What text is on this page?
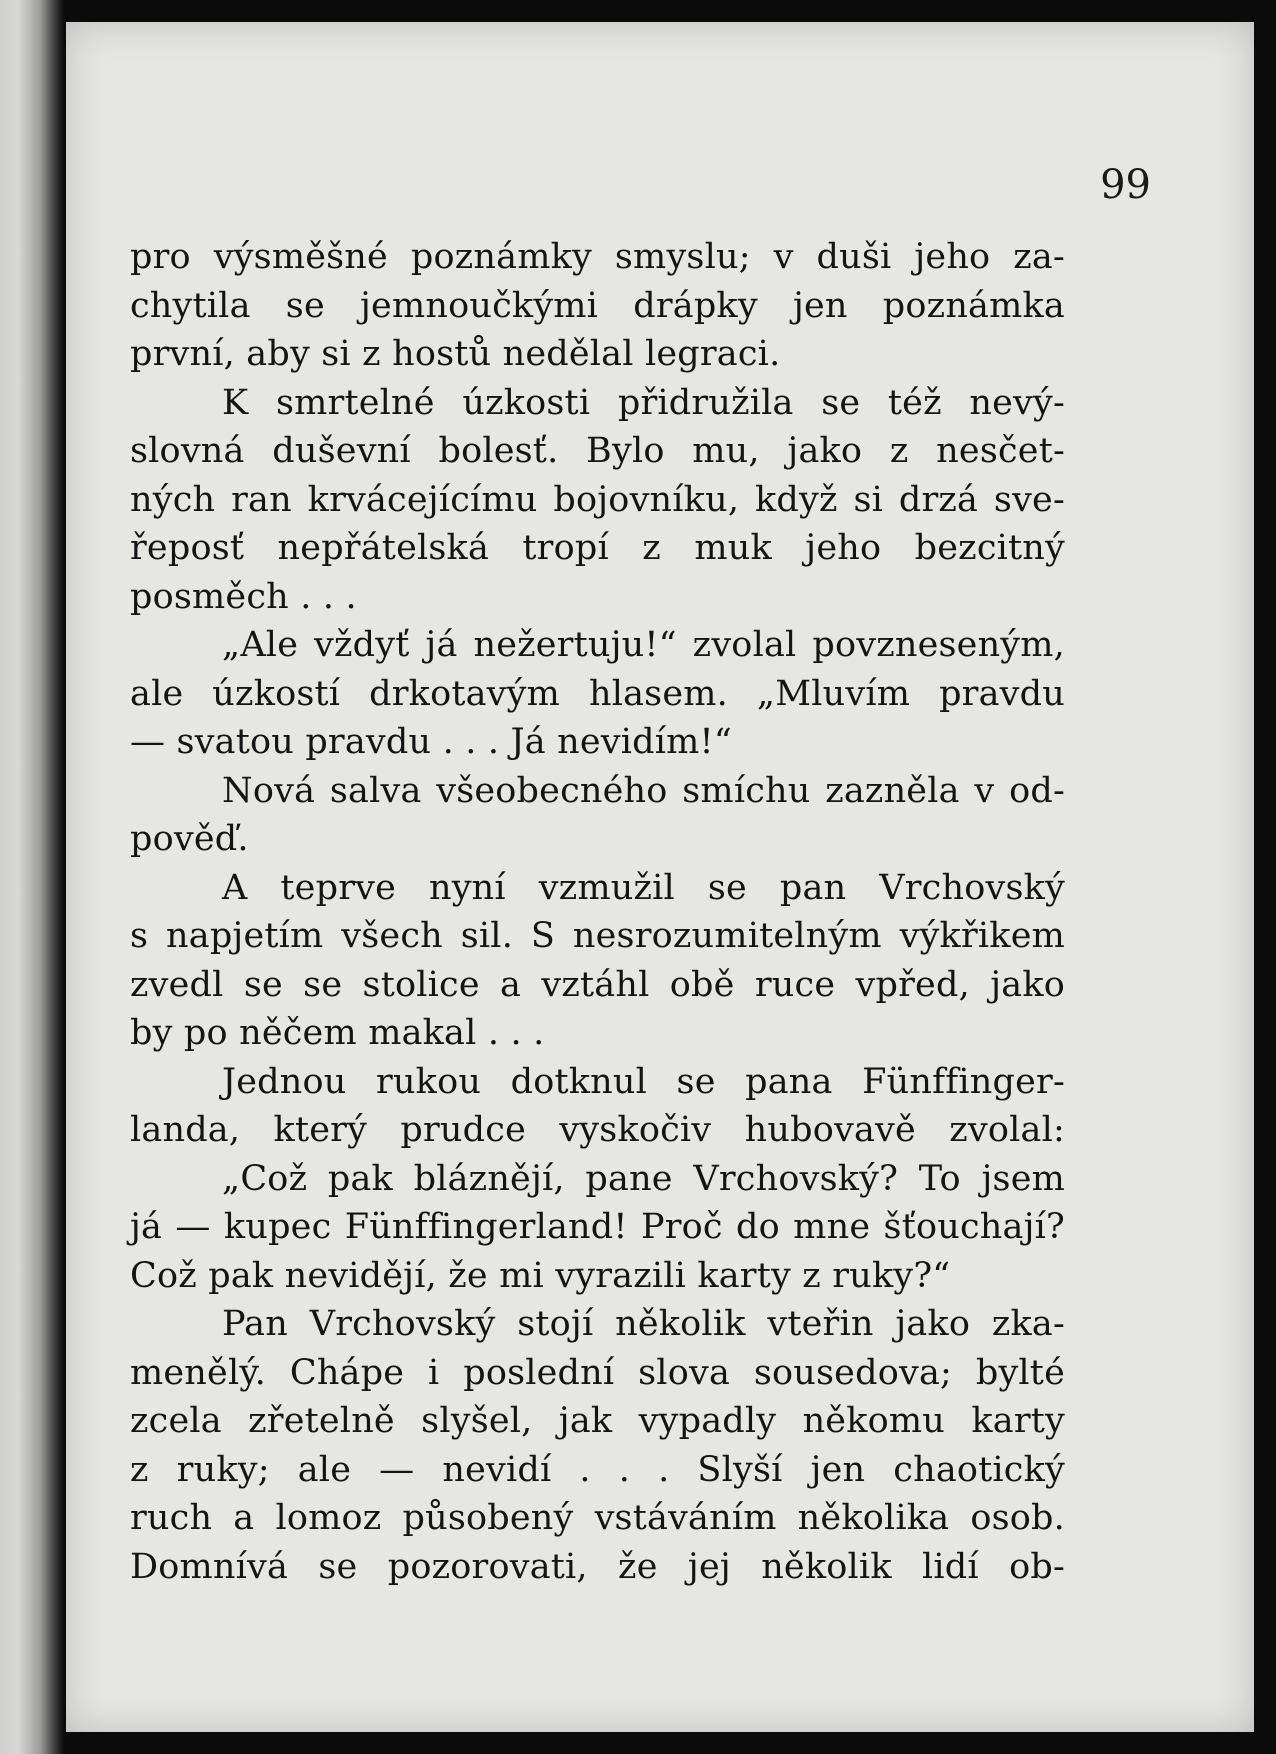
99
pro výsměšné poznámky smyslu; v duši jeho za-
chytila se jemnoučkými drápky jen poznámka
první, aby si z hostů nedělal legraci.
K smrtelné úzkosti přidružila se též nevý-
slovná duševní bolesť. Bylo mu, jako z nesčet-
ných ran krvácejícímu bojovníku, když si drzá sve-
řeposť nepřátelská tropí z muk jeho bezcitný
posměch . . .
„Ale vždyť já nežertuju!“ zvolal povzneseným,
ale úzkostí drkotavým hlasem. „Mluvím pravdu
— svatou pravdu . . . Já nevidím!“
Nová salva všeobecného smíchu zazněla v od-
pověď.
A teprve nyní vzmužil se pan Vrchovský
s napjetím všech sil. S nesrozumitelným výkřikem
zvedl se se stolice a vztáhl obě ruce vpřed, jako
by po něčem makal . . .
Jednou rukou dotknul se pana Fünffinger-
landa, který prudce vyskočiv hubovavě zvolal:
„Což pak bláznějí, pane Vrchovský? To jsem
já — kupec Fünffingerland! Proč do mne šťouchají?
Což pak nevidějí, že mi vyrazili karty z ruky?“
Pan Vrchovský stojí několik vteřin jako zka-
menělý. Chápe i poslední slova sousedova; bylté
zcela zřetelně slyšel, jak vypadly někomu karty
z ruky; ale — nevidí . . . Slyší jen chaotický
ruch a lomoz působený vstáváním několika osob.
Domnívá se pozorovati, že jej několik lidí ob-
